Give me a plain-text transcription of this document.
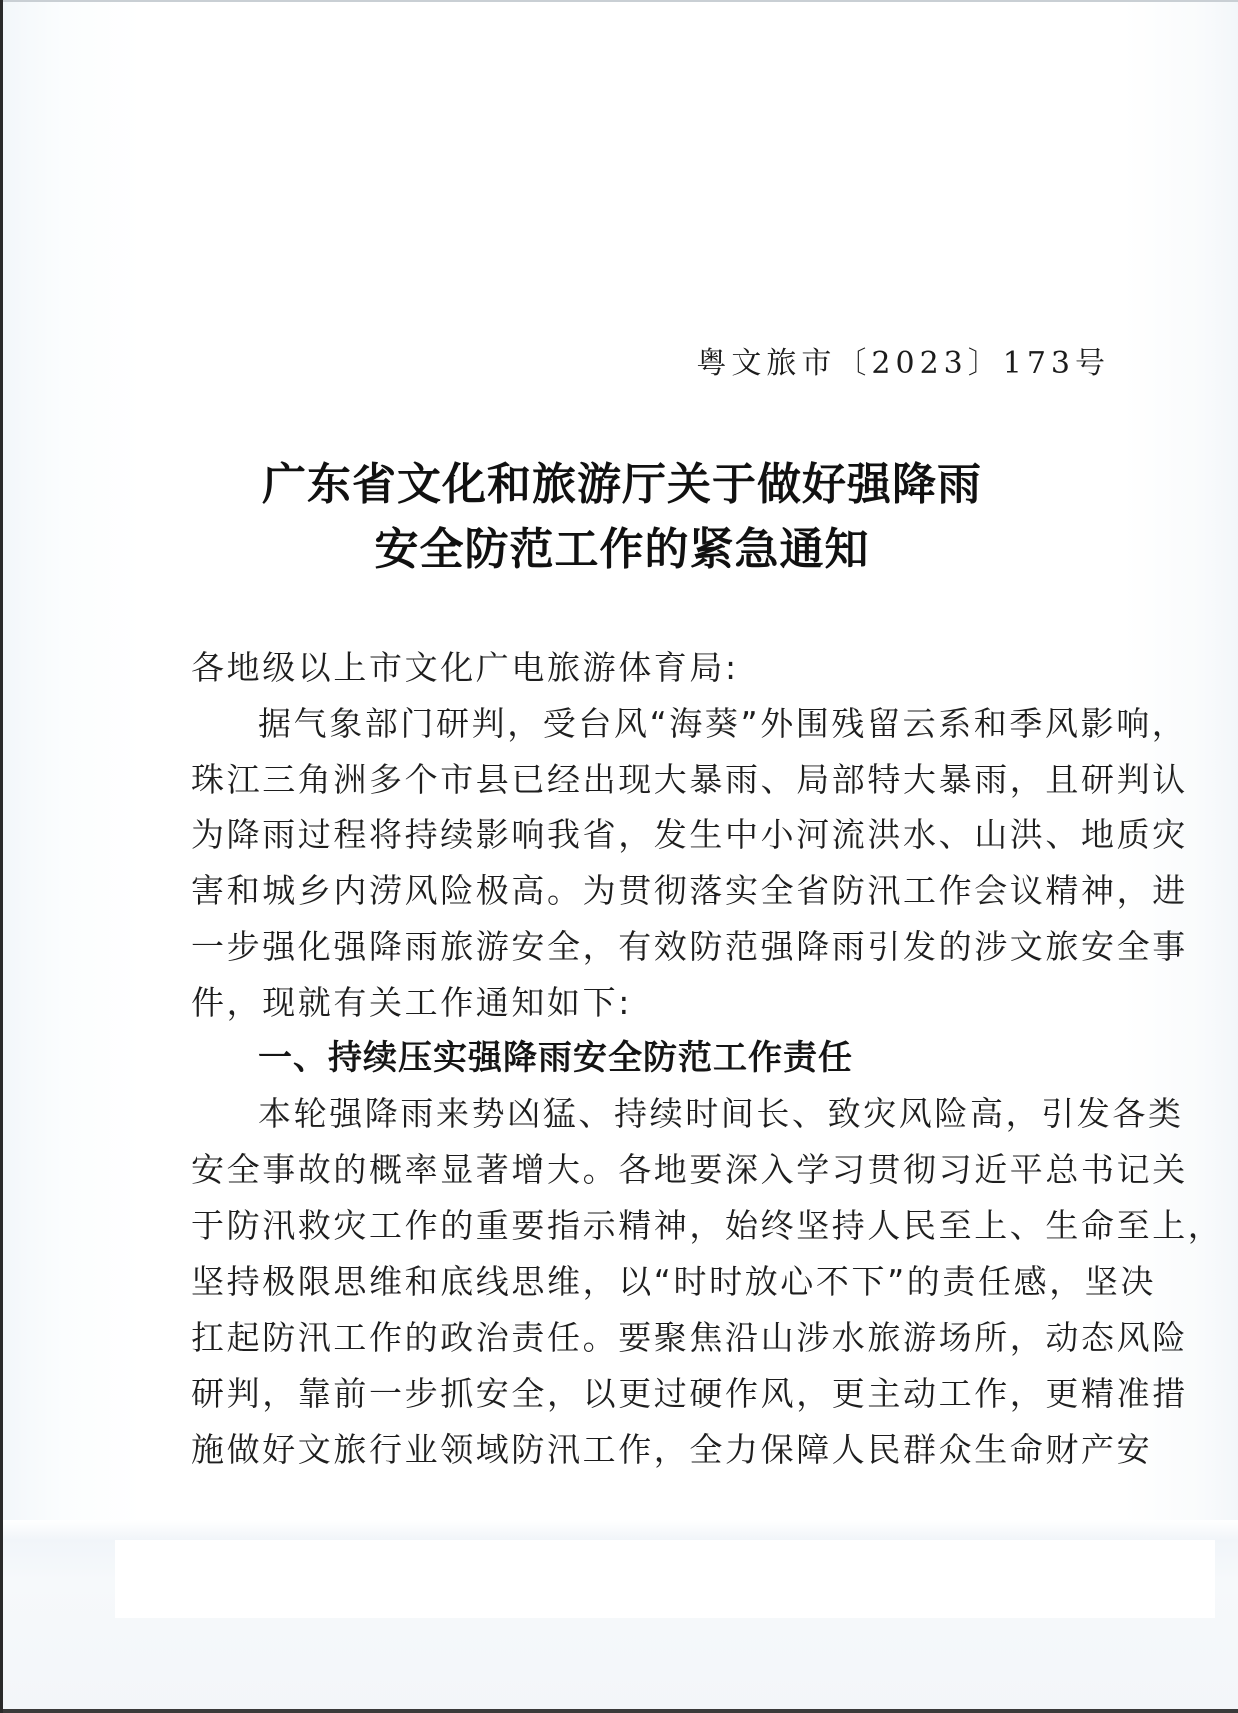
粤文旅市〔2023〕173号
广东省文化和旅游厅关于做好强降雨
安全防范工作的紧急通知
各地级以上市文化广电旅游体育局:
据气象部门研判，受台风“海葵”外围残留云系和季风影响，
珠江三角洲多个市县已经出现大暴雨、局部特大暴雨，且研判认
为降雨过程将持续影响我省，发生中小河流洪水、山洪、地质灾
害和城乡内涝风险极高。为贯彻落实全省防汛工作会议精神，进
一步强化强降雨旅游安全，有效防范强降雨引发的涉文旅安全事
件，现就有关工作通知如下:
一、持续压实强降雨安全防范工作责任
本轮强降雨来势凶猛、持续时间长、致灾风险高，引发各类
安全事故的概率显著增大。各地要深入学习贯彻习近平总书记关
于防汛救灾工作的重要指示精神，始终坚持人民至上、生命至上，
坚持极限思维和底线思维，以“时时放心不下”的责任感，坚决
扛起防汛工作的政治责任。要聚焦沿山涉水旅游场所，动态风险
研判，靠前一步抓安全，以更过硬作风，更主动工作，更精准措
施做好文旅行业领域防汛工作，全力保障人民群众生命财产安
